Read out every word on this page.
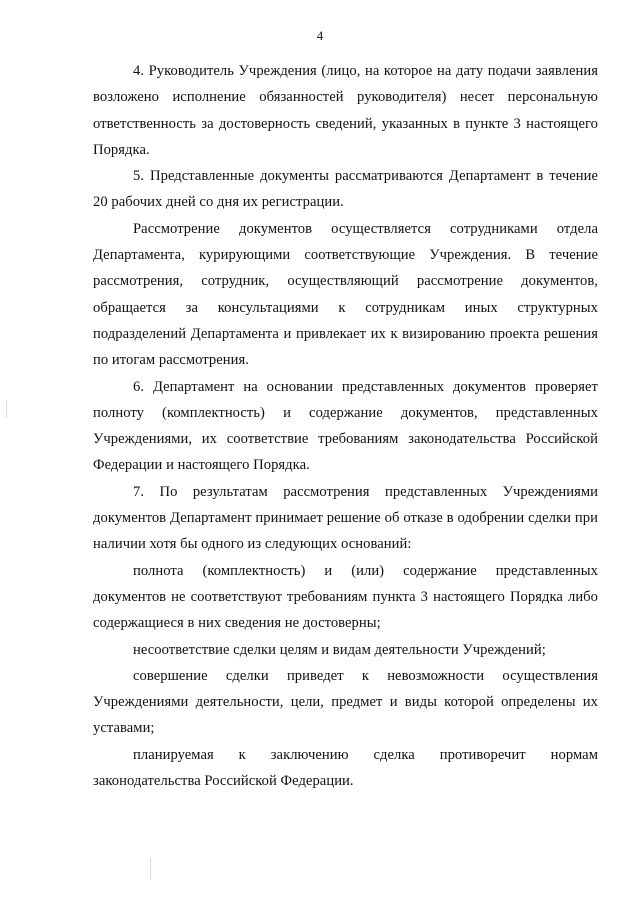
4

4. Руководитель Учреждения (лицо, на которое на дату подачи заявления возложено исполнение обязанностей руководителя) несет персональную ответственность за достоверность сведений, указанных в пункте 3 настоящего Порядка.

5. Представленные документы рассматриваются Департамент в течение 20 рабочих дней со дня их регистрации.

Рассмотрение документов осуществляется сотрудниками отдела Департамента, курирующими соответствующие Учреждения. В течение рассмотрения, сотрудник, осуществляющий рассмотрение документов, обращается за консультациями к сотрудникам иных структурных подразделений Департамента и привлекает их к визированию проекта решения по итогам рассмотрения.

6. Департамент на основании представленных документов проверяет полноту (комплектность) и содержание документов, представленных Учреждениями, их соответствие требованиям законодательства Российской Федерации и настоящего Порядка.

7. По результатам рассмотрения представленных Учреждениями документов Департамент принимает решение об отказе в одобрении сделки при наличии хотя бы одного из следующих оснований:

полнота (комплектность) и (или) содержание представленных документов не соответствуют требованиям пункта 3 настоящего Порядка либо содержащиеся в них сведения не достоверны;

несоответствие сделки целям и видам деятельности Учреждений;

совершение сделки приведет к невозможности осуществления Учреждениями деятельности, цели, предмет и виды которой определены их уставами;

планируемая к заключению сделка противоречит нормам законодательства Российской Федерации.
